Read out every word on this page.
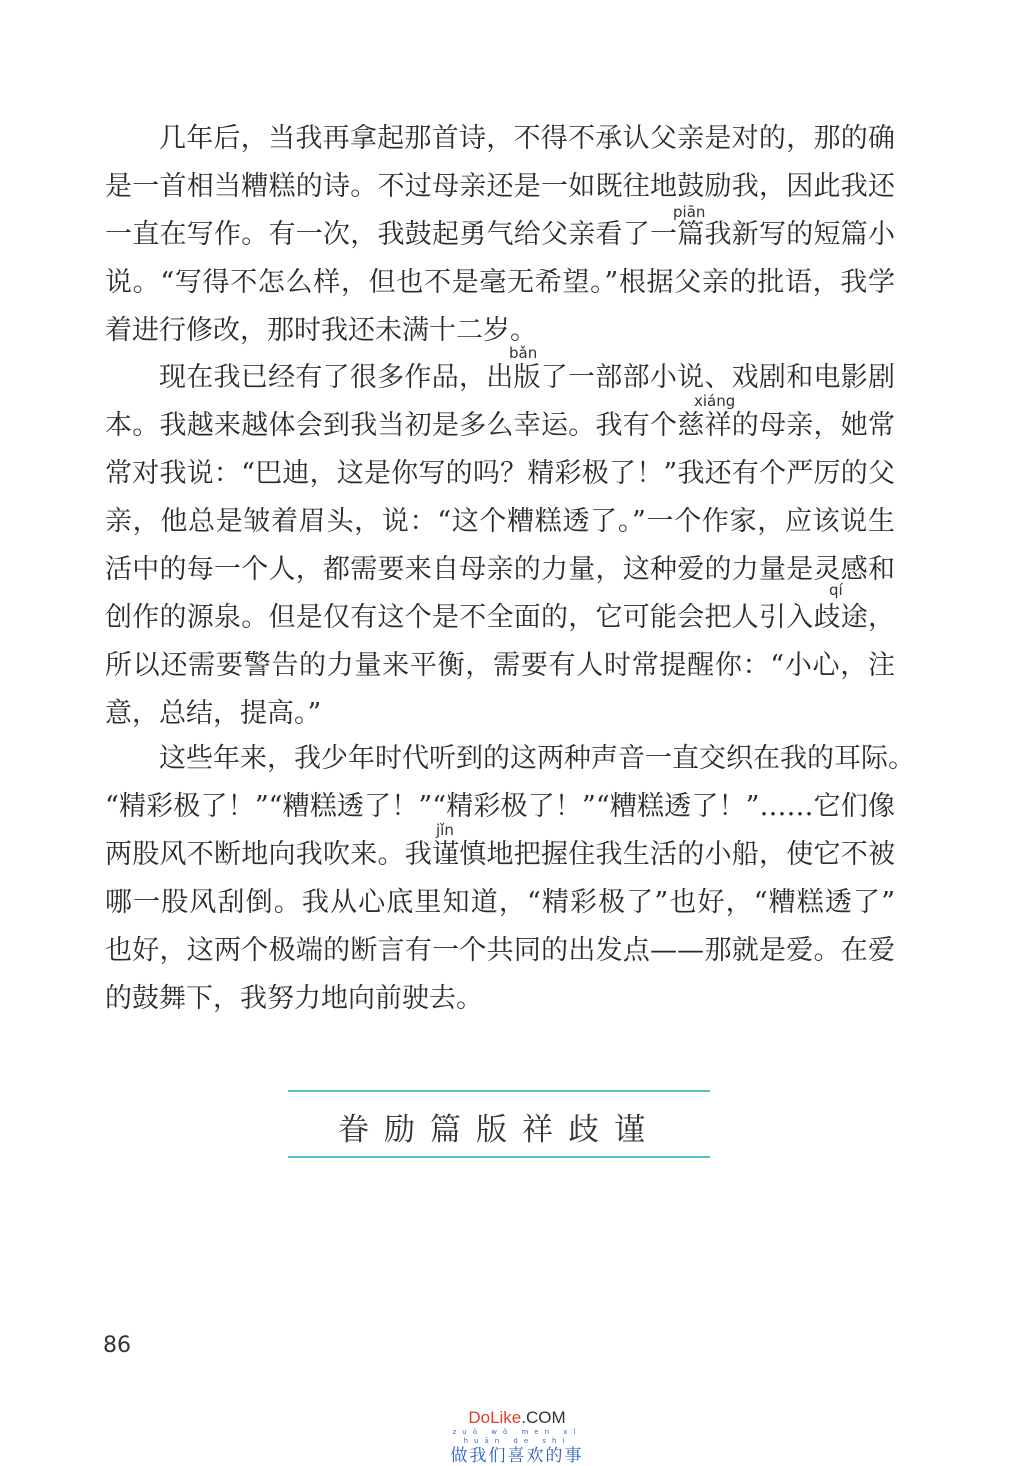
几年后，当我再拿起那首诗，不得不承认父亲是对的，那的确
是一首相当糟糕的诗。不过母亲还是一如既往地鼓励我，因此我还
一直在写作。有一次，我鼓起勇气给父亲看了一篇我新写的短篇小
说。“写得不怎么样，但也不是毫无希望。”根据父亲的批语，我学
着进行修改，那时我还未满十二岁。
现在我已经有了很多作品，出版了一部部小说、戏剧和电影剧
本。我越来越体会到我当初是多么幸运。我有个慈祥的母亲，她常
常对我说：“巴迪，这是你写的吗？精彩极了！”我还有个严厉的父
亲，他总是皱着眉头，说：“这个糟糕透了。”一个作家，应该说生
活中的每一个人，都需要来自母亲的力量，这种爱的力量是灵感和
创作的源泉。但是仅有这个是不全面的，它可能会把人引入歧途，
所以还需要警告的力量来平衡，需要有人时常提醒你：“小心，注
意，总结，提高。”
这些年来，我少年时代听到的这两种声音一直交织在我的耳际。
“精彩极了！”“糟糕透了！”“精彩极了！”“糟糕透了！”……它们像
两股风不断地向我吹来。我谨慎地把握住我生活的小船，使它不被
哪一股风刮倒。我从心底里知道，“精彩极了”也好，“糟糕透了”
也好，这两个极端的断言有一个共同的出发点——那就是爱。在爱
的鼓舞下，我努力地向前驶去。
piān
bǎn
xiáng
qí
jǐn
眷励篇版祥歧谨
86
DoLike.COM
zuò wǒ men xǐ huān de shì
做我们喜欢的事
